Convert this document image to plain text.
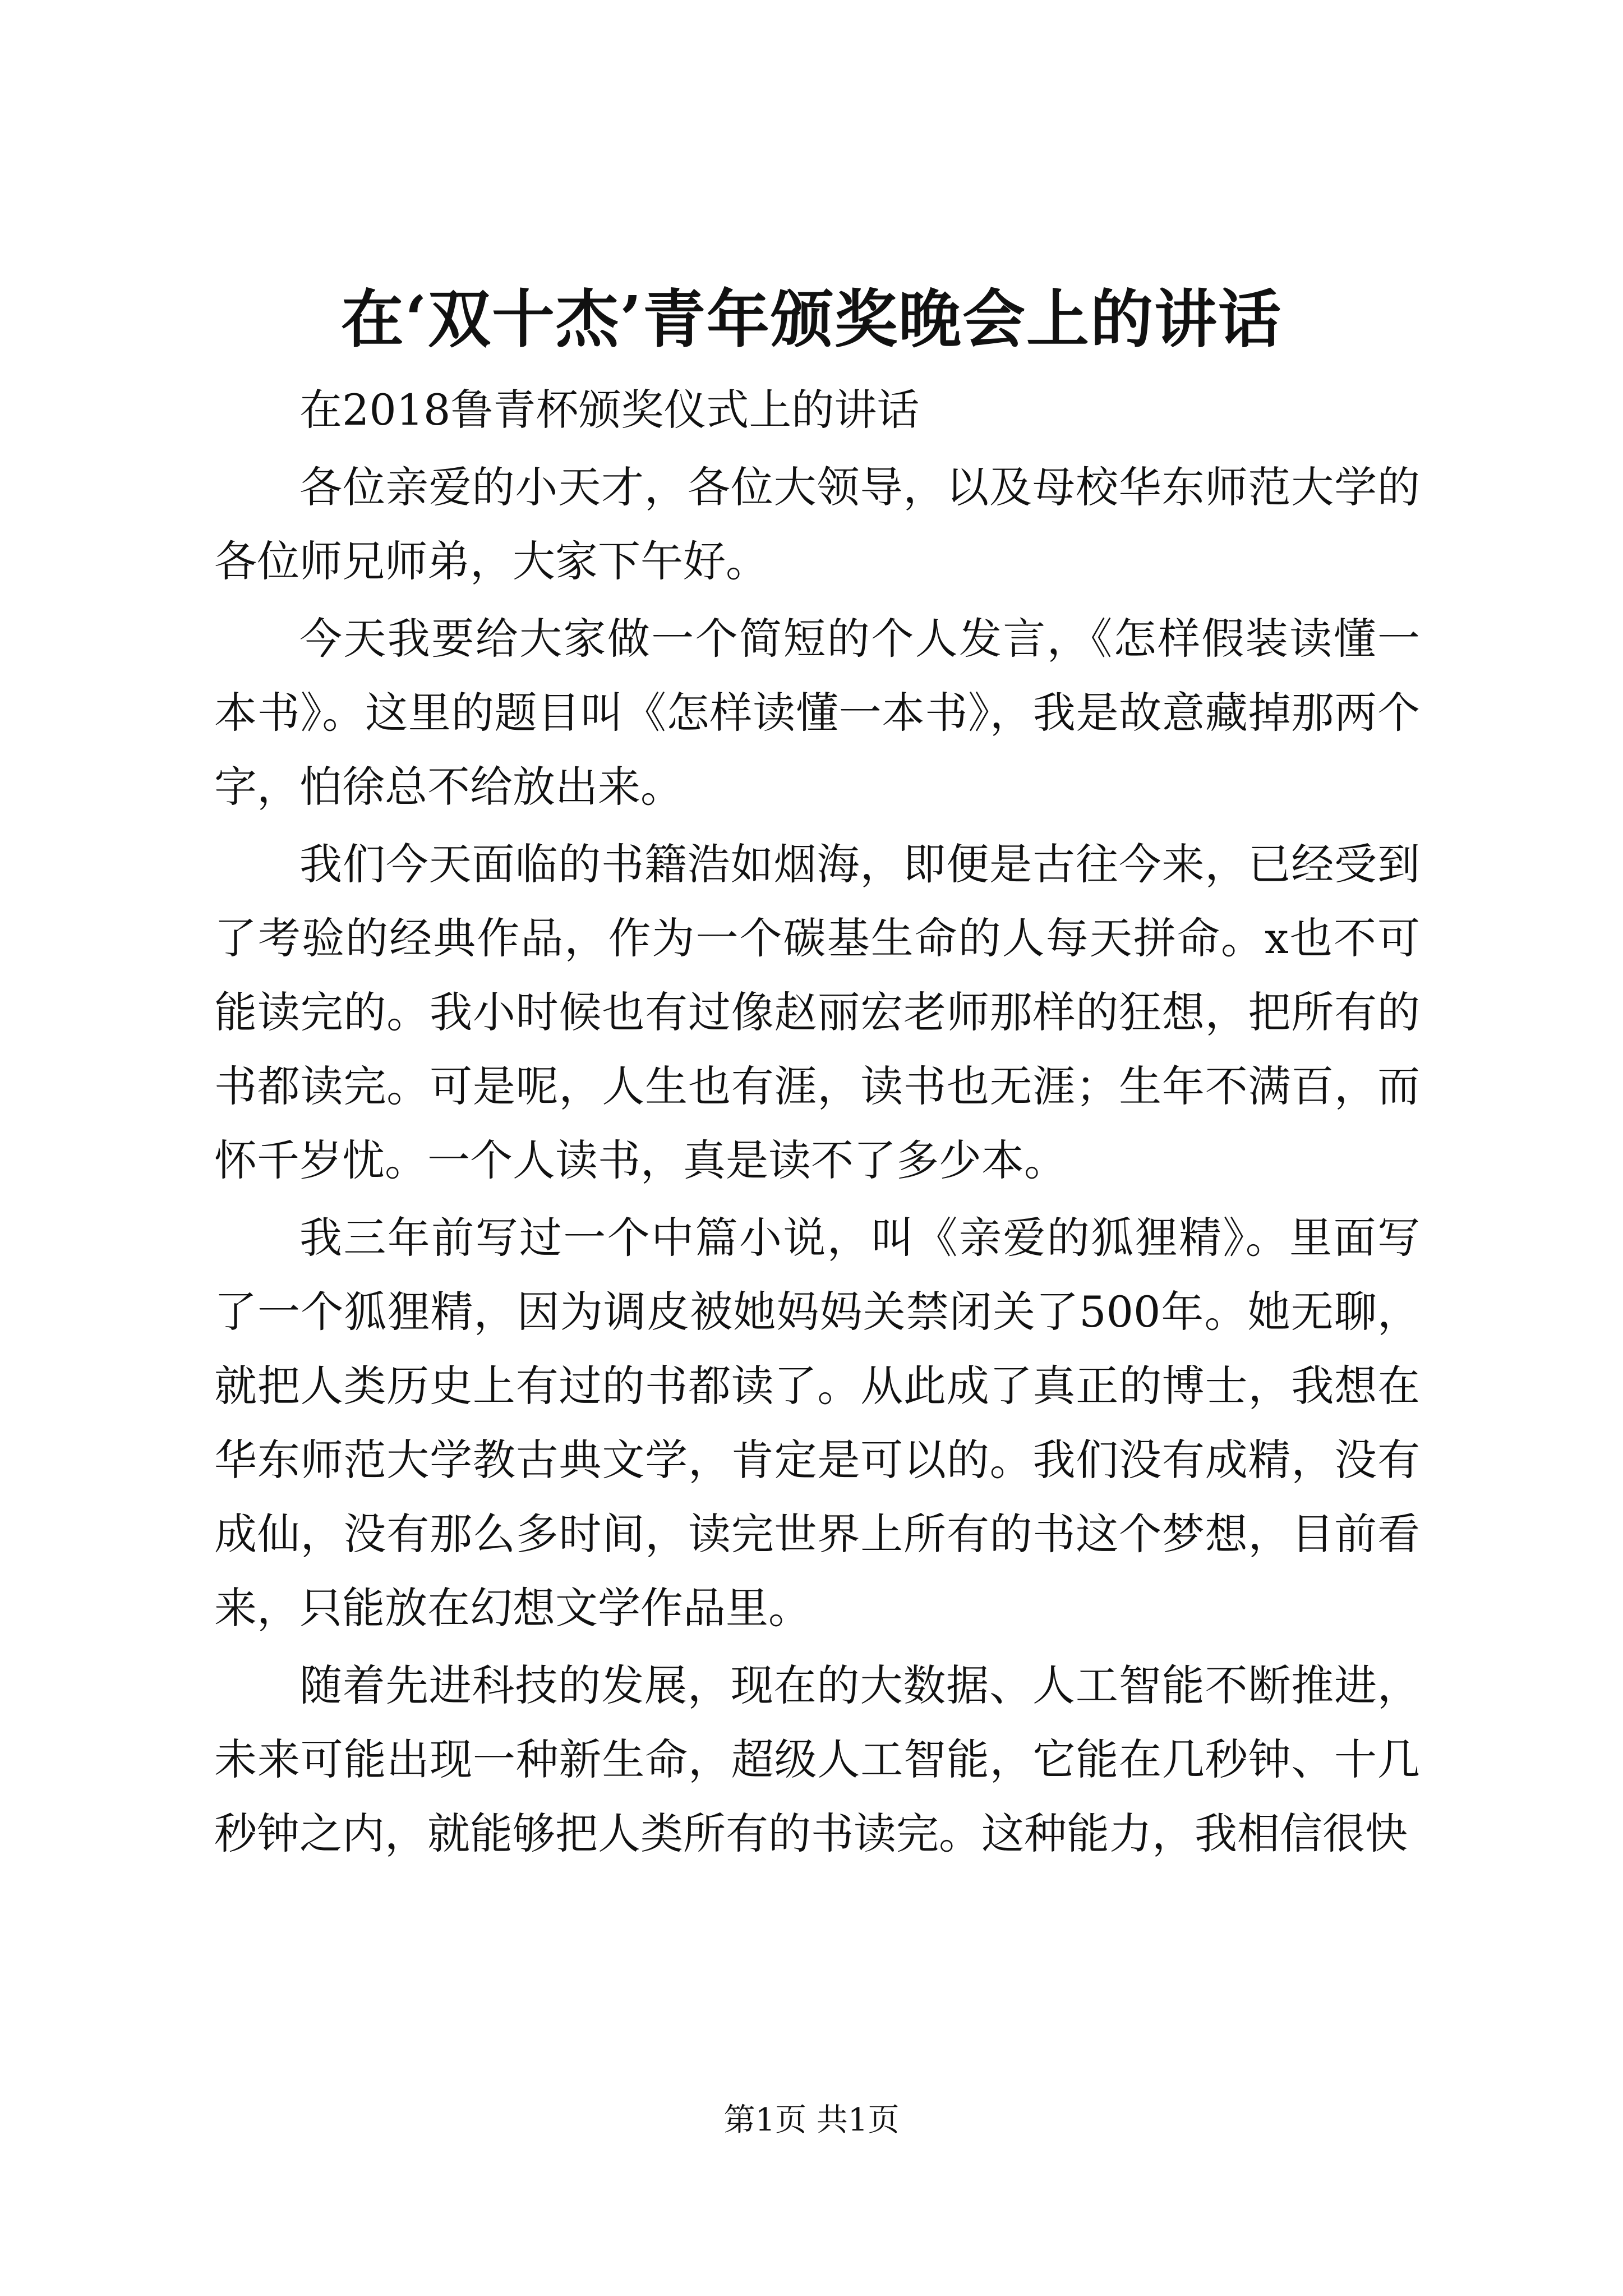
在‘双十杰’青年颁奖晚会上的讲话

在2018鲁青杯颁奖仪式上的讲话

各位亲爱的小天才，各位大领导，以及母校华东师范大学的各位师兄师弟，大家下午好。

今天我要给大家做一个简短的个人发言，《怎样假装读懂一本书》。这里的题目叫《怎样读懂一本书》，我是故意藏掉那两个字，怕徐总不给放出来。

我们今天面临的书籍浩如烟海，即便是古往今来，已经受到了考验的经典作品，作为一个碳基生命的人每天拼命。x也不可能读完的。我小时候也有过像赵丽宏老师那样的狂想，把所有的书都读完。可是呢，人生也有涯，读书也无涯；生年不满百，而怀千岁忧。一个人读书，真是读不了多少本。

我三年前写过一个中篇小说，叫《亲爱的狐狸精》。里面写了一个狐狸精，因为调皮被她妈妈关禁闭关了500年。她无聊，就把人类历史上有过的书都读了。从此成了真正的博士，我想在华东师范大学教古典文学，肯定是可以的。我们没有成精，没有成仙，没有那么多时间，读完世界上所有的书这个梦想，目前看来，只能放在幻想文学作品里。

随着先进科技的发展，现在的大数据、人工智能不断推进，未来可能出现一种新生命，超级人工智能，它能在几秒钟、十几秒钟之内，就能够把人类所有的书读完。这种能力，我相信很快

第1页 共1页
